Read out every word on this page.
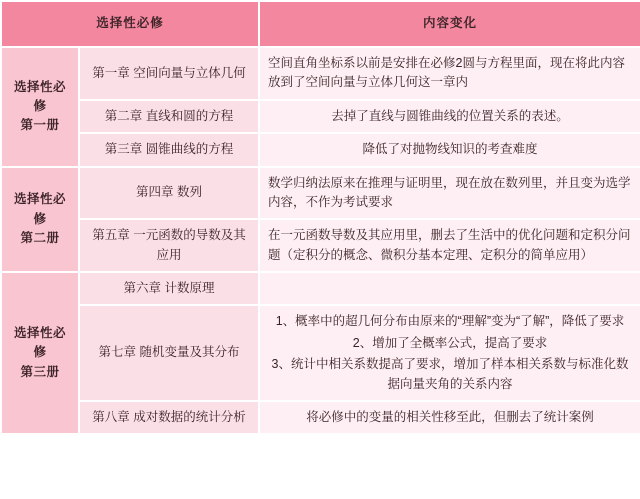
选择性必修		内容变化
选择性必修
第一册	第一章 空间向量与立体几何	空间直角坐标系以前是安排在必修2圆与方程里面，现在将此内容放到了空间向量与立体几何这一章内

	第二章 直线和圆的方程	去掉了直线与圆锥曲线的位置关系的表述。

	第三章 圆锥曲线的方程	降低了对抛物线知识的考查难度

选择性必修
第二册	第四章 数列	数学归纳法原来在推理与证明里，现在放在数列里，并且变为选学内容，不作为考试要求

	第五章 一元函数的导数及其应用	在一元函数导数及其应用里，删去了生活中的优化问题和定积分问题（定积分的概念、微积分基本定理、定积分的简单应用）

选择性必修
第三册	第六章 计数原理	
	第七章 随机变量及其分布	1、概率中的超几何分布由原来的“理解”变为“了解”，降低了要求

2、增加了全概率公式，提高了要求

3、统计中相关系数提高了要求，增加了样本相关系数与标准化数据向量夹角的关系内容

	第八章 成对数据的统计分析	将必修中的变量的相关性移至此，但删去了统计案例
